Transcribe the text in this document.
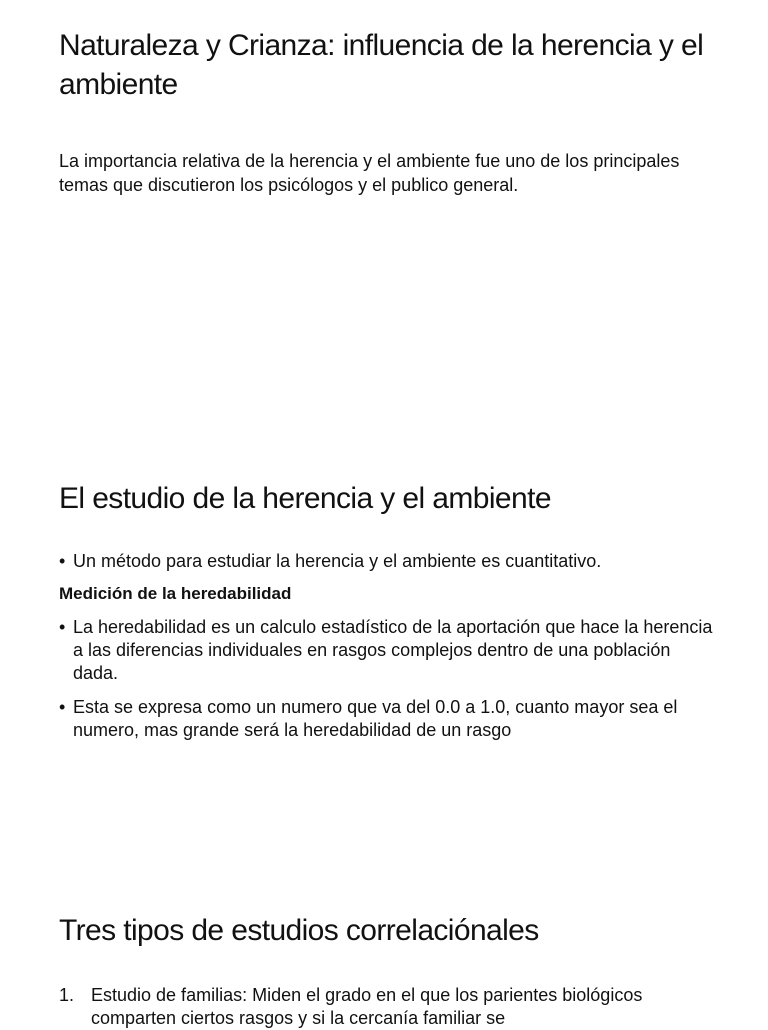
Naturaleza y Crianza: influencia de la herencia y el ambiente

La importancia relativa de la herencia y el ambiente fue uno de los principales temas que discutieron los psicólogos y el publico general.

El estudio de la herencia y el ambiente
• Un método para estudiar la herencia y el ambiente es cuantitativo.
Medición de la heredabilidad
• La heredabilidad es un calculo estadístico de la aportación que hace la herencia a las diferencias individuales en rasgos complejos dentro de una población dada.
• Esta se expresa como un numero que va del 0.0 a 1.0, cuanto mayor sea el numero, mas grande será la heredabilidad de un rasgo
Tres tipos de estudios correlaciónales
1. Estudio de familias: Miden el grado en el que los parientes biológicos comparten ciertos rasgos y si la cercanía familiar se
